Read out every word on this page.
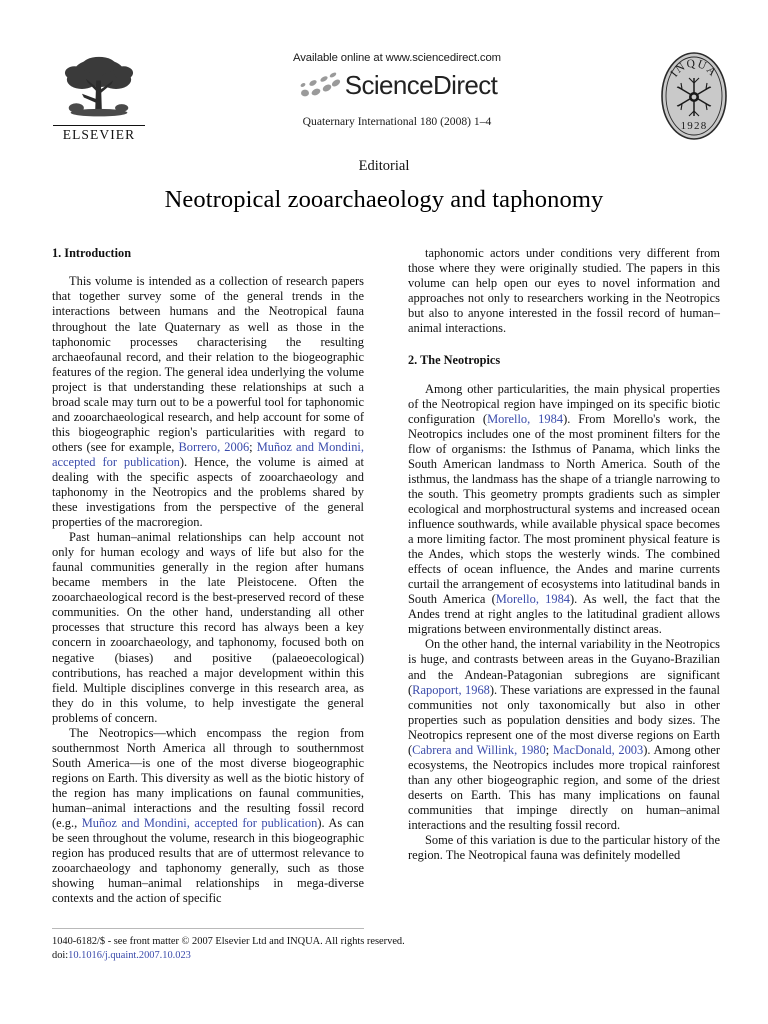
ELSEVIER
Available online at www.sciencedirect.com
ScienceDirect
Quaternary International 180 (2008) 1–4
INQUA
1928
Editorial
Neotropical zooarchaeology and taphonomy
1. Introduction

This volume is intended as a collection of research papers that together survey some of the general trends in the interactions between humans and the Neotropical fauna throughout the late Quaternary as well as those in the taphonomic processes characterising the resulting archaeofaunal record, and their relation to the biogeographic features of the region. The general idea underlying the volume project is that understanding these relationships at such a broad scale may turn out to be a powerful tool for taphonomic and zooarchaeological research, and help account for some of this biogeographic region's particularities with regard to others (see for example, Borrero, 2006; Muñoz and Mondini, accepted for publication). Hence, the volume is aimed at dealing with the specific aspects of zooarchaeology and taphonomy in the Neotropics and the problems shared by these investigations from the perspective of the general properties of the macroregion.

Past human–animal relationships can help account not only for human ecology and ways of life but also for the faunal communities generally in the region after humans became members in the late Pleistocene. Often the zooarchaeological record is the best-preserved record of these communities. On the other hand, understanding all other processes that structure this record has always been a key concern in zooarchaeology, and taphonomy, focused both on negative (biases) and positive (palaeoecological) contributions, has reached a major development within this field. Multiple disciplines converge in this research area, as they do in this volume, to help investigate the general problems of concern.

The Neotropics—which encompass the region from southernmost North America all through to southernmost South America—is one of the most diverse biogeographic regions on Earth. This diversity as well as the biotic history of the region has many implications on faunal communities, human–animal interactions and the resulting fossil record (e.g., Muñoz and Mondini, accepted for publication). As can be seen throughout the volume, research in this biogeographic region has produced results that are of uttermost relevance to zooarchaeology and taphonomy generally, such as those showing human–animal relationships in mega-diverse contexts and the action of specific

taphonomic actors under conditions very different from those where they were originally studied. The papers in this volume can help open our eyes to novel information and approaches not only to researchers working in the Neotropics but also to anyone interested in the fossil record of human–animal interactions.

2. The Neotropics

Among other particularities, the main physical properties of the Neotropical region have impinged on its specific biotic configuration (Morello, 1984). From Morello's work, the Neotropics includes one of the most prominent filters for the flow of organisms: the Isthmus of Panama, which links the South American landmass to North America. South of the isthmus, the landmass has the shape of a triangle narrowing to the south. This geometry prompts gradients such as simpler ecological and morphostructural systems and increased ocean influence southwards, while available physical space becomes a more limiting factor. The most prominent physical feature is the Andes, which stops the westerly winds. The combined effects of ocean influence, the Andes and marine currents curtail the arrangement of ecosystems into latitudinal bands in South America (Morello, 1984). As well, the fact that the Andes trend at right angles to the latitudinal gradient allows migrations between environmentally distinct areas.

On the other hand, the internal variability in the Neotropics is huge, and contrasts between areas in the Guyano-Brazilian and the Andean-Patagonian subregions are significant (Rapoport, 1968). These variations are expressed in the faunal communities not only taxonomically but also in other properties such as population densities and body sizes. The Neotropics represent one of the most diverse regions on Earth (Cabrera and Willink, 1980; MacDonald, 2003). Among other ecosystems, the Neotropics includes more tropical rainforest than any other biogeographic region, and some of the driest deserts on Earth. This has many implications on faunal communities that impinge directly on human–animal interactions and the resulting fossil record.

Some of this variation is due to the particular history of the region. The Neotropical fauna was definitely modelled

1040-6182/$ - see front matter © 2007 Elsevier Ltd and INQUA. All rights reserved.
doi:10.1016/j.quaint.2007.10.023
